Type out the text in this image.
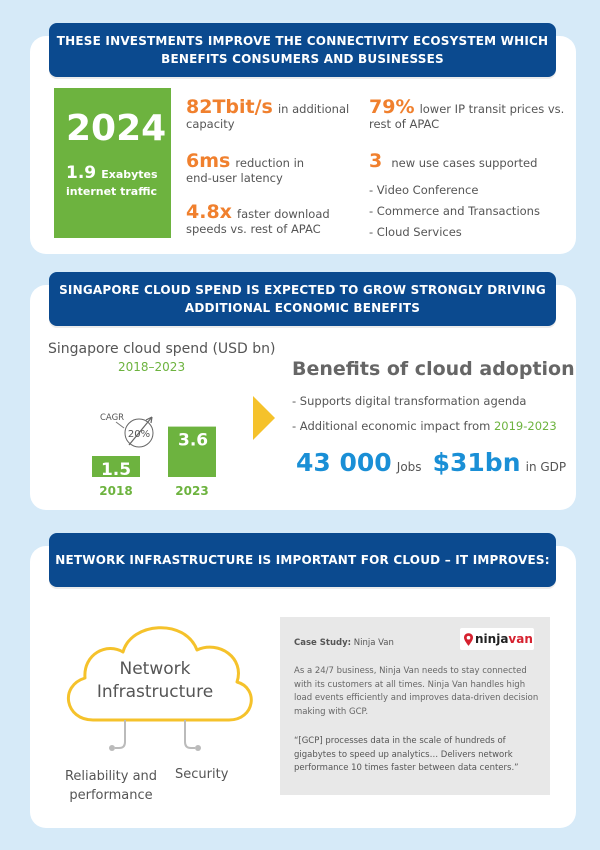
THESE INVESTMENTS IMPROVE THE CONNECTIVITY ECOSYSTEM WHICH
BENEFITS CONSUMERS AND BUSINESSES
2024
1.9 Exabytes
internet traffic
82Tbit/s in additional
capacity
6ms reduction in
end-user latency
4.8x faster download
speeds vs. rest of APAC
79% lower IP transit prices vs.
rest of APAC
3 new use cases supported
- Video Conference
- Commerce and Transactions
- Cloud Services
SINGAPORE CLOUD SPEND IS EXPECTED TO GROW STRONGLY DRIVING
ADDITIONAL ECONOMIC BENEFITS
Singapore cloud spend (USD bn)
2018–2023
1.5
2018
3.6
2023
CAGR
20%
Benefits of cloud adoption
- Supports digital transformation agenda
- Additional economic impact from 2019-2023
43 000 Jobs $31bn in GDP
NETWORK INFRASTRUCTURE IS IMPORTANT FOR CLOUD – IT IMPROVES:
Network
Infrastructure
Reliability and
performance
Security
Case Study: Ninja Van	ninja van
As a 24/7 business, Ninja Van needs to stay connected with its customers at all times. Ninja Van handles high load events efficiently and improves data-driven decision making with GCP.
“[GCP] processes data in the scale of hundreds of gigabytes to speed up analytics… Delivers network performance 10 times faster between data centers.”
